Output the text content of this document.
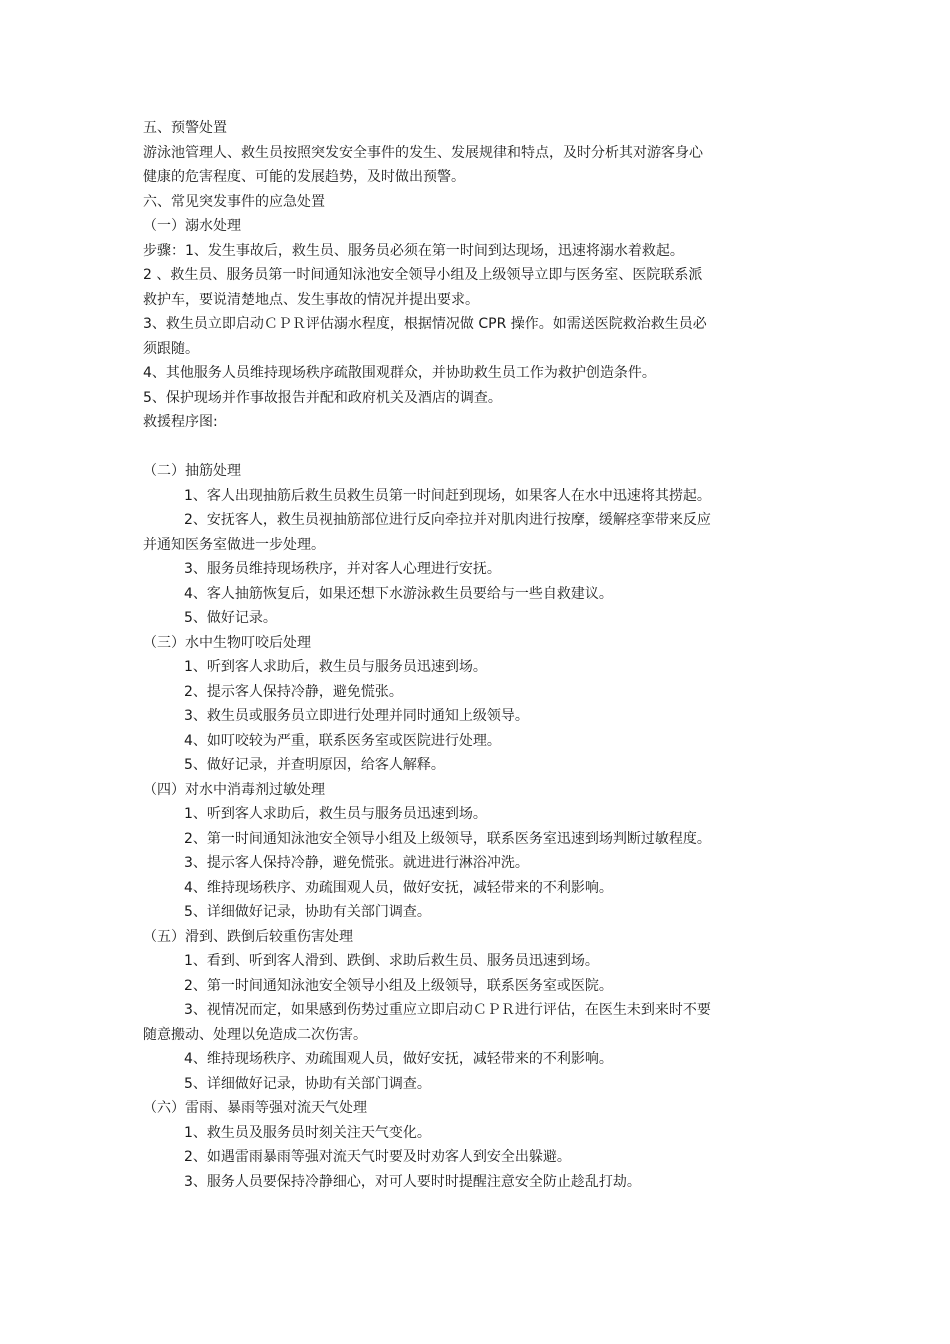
五、预警处置
游泳池管理人、救生员按照突发安全事件的发生、发展规律和特点，及时分析其对游客身心
健康的危害程度、可能的发展趋势，及时做出预警。
六、常见突发事件的应急处置
（一）溺水处理
步骤：1、发生事故后，救生员、服务员必须在第一时间到达现场，迅速将溺水着救起。
2 、救生员、服务员第一时间通知泳池安全领导小组及上级领导立即与医务室、医院联系派
救护车，要说清楚地点、发生事故的情况并提出要求。
3、救生员立即启动ＣＰＲ评估溺水程度，根据情况做 CPR 操作。如需送医院救治救生员必
须跟随。
4、其他服务人员维持现场秩序疏散围观群众，并协助救生员工作为救护创造条件。
5、保护现场并作事故报告并配和政府机关及酒店的调查。
救援程序图:
（二）抽筋处理
1、客人出现抽筋后救生员救生员第一时间赶到现场，如果客人在水中迅速将其捞起。
2、安抚客人，救生员视抽筋部位进行反向牵拉并对肌肉进行按摩，缓解痉挛带来反应
并通知医务室做进一步处理。
3、服务员维持现场秩序，并对客人心理进行安抚。
4、客人抽筋恢复后，如果还想下水游泳救生员要给与一些自救建议。
5、做好记录。
（三）水中生物叮咬后处理
1、听到客人求助后，救生员与服务员迅速到场。
2、提示客人保持冷静，避免慌张。
3、救生员或服务员立即进行处理并同时通知上级领导。
4、如叮咬较为严重，联系医务室或医院进行处理。
5、做好记录，并查明原因，给客人解释。
（四）对水中消毒剂过敏处理
1、听到客人求助后，救生员与服务员迅速到场。
2、第一时间通知泳池安全领导小组及上级领导，联系医务室迅速到场判断过敏程度。
3、提示客人保持冷静，避免慌张。就进进行淋浴冲洗。
4、维持现场秩序、劝疏围观人员，做好安抚，减轻带来的不利影响。
5、详细做好记录，协助有关部门调查。
（五）滑到、跌倒后较重伤害处理
1、看到、听到客人滑到、跌倒、求助后救生员、服务员迅速到场。
2、第一时间通知泳池安全领导小组及上级领导，联系医务室或医院。
3、视情况而定，如果感到伤势过重应立即启动ＣＰＲ进行评估，在医生未到来时不要
随意搬动、处理以免造成二次伤害。
4、维持现场秩序、劝疏围观人员，做好安抚，减轻带来的不利影响。
5、详细做好记录，协助有关部门调查。
（六）雷雨、暴雨等强对流天气处理
1、救生员及服务员时刻关注天气变化。
2、如遇雷雨暴雨等强对流天气时要及时劝客人到安全出躲避。
3、服务人员要保持冷静细心，对可人要时时提醒注意安全防止趁乱打劫。
